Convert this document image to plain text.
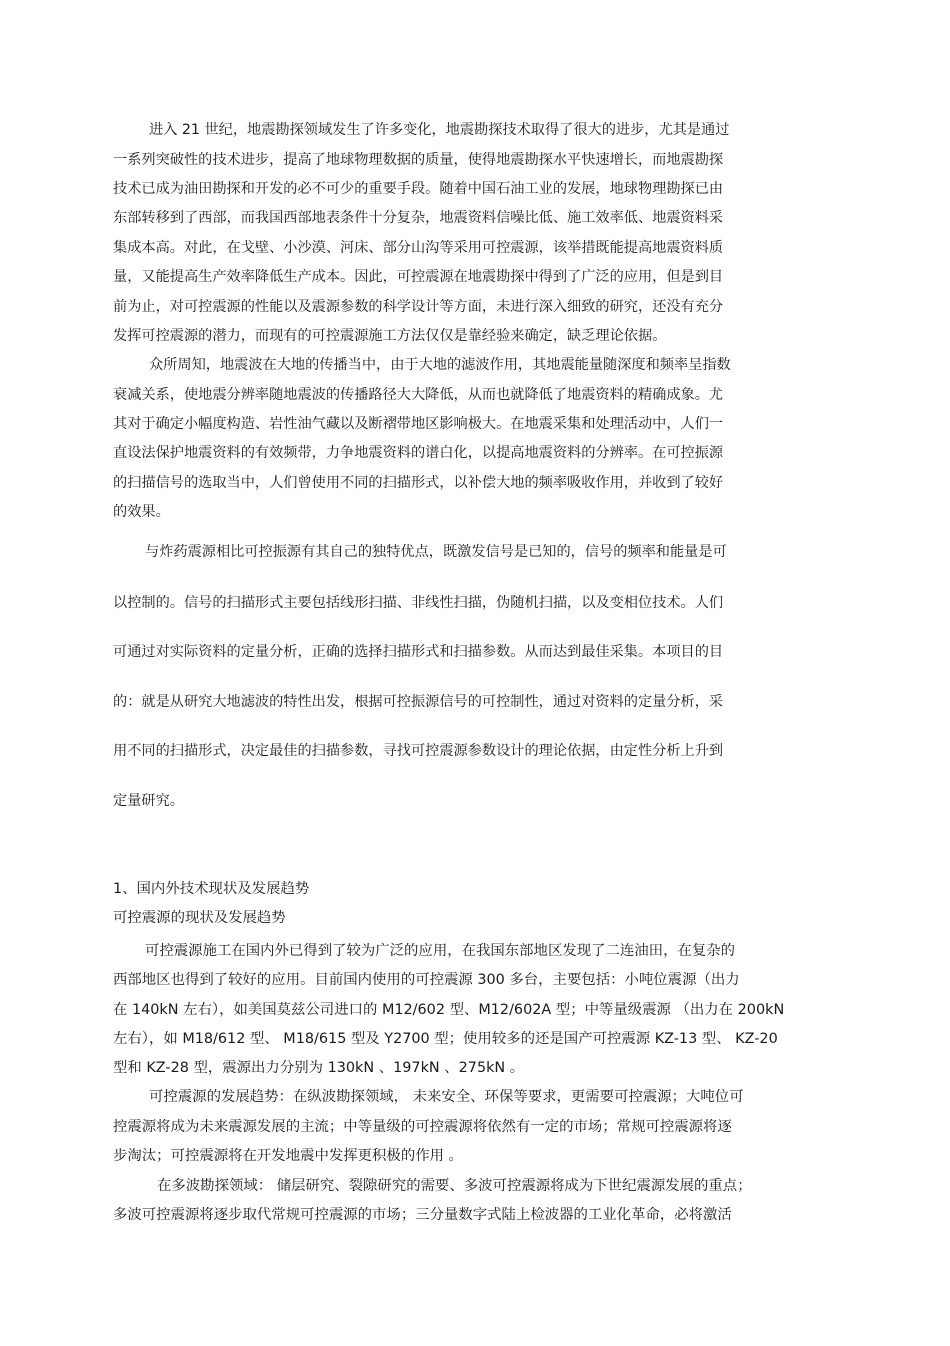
进入 21 世纪，地震勘探领域发生了许多变化，地震勘探技术取得了很大的进步，尤其是通过

一系列突破性的技术进步，提高了地球物理数据的质量，使得地震勘探水平快速增长，而地震勘探

技术已成为油田勘探和开发的必不可少的重要手段。随着中国石油工业的发展，地球物理勘探已由

东部转移到了西部，而我国西部地表条件十分复杂，地震资料信噪比低、施工效率低、地震资料采

集成本高。对此，在戈壁、小沙漠、河床、部分山沟等采用可控震源，该举措既能提高地震资料质

量，又能提高生产效率降低生产成本。因此，可控震源在地震勘探中得到了广泛的应用，但是到目

前为止，对可控震源的性能以及震源参数的科学设计等方面，未进行深入细致的研究，还没有充分

发挥可控震源的潜力，而现有的可控震源施工方法仅仅是靠经验来确定，缺乏理论依据。

众所周知，地震波在大地的传播当中，由于大地的滤波作用，其地震能量随深度和频率呈指数

衰减关系，使地震分辨率随地震波的传播路径大大降低，从而也就降低了地震资料的精确成象。尤

其对于确定小幅度构造、岩性油气藏以及断褶带地区影响极大。在地震采集和处理活动中，人们一

直设法保护地震资料的有效频带，力争地震资料的谱白化，以提高地震资料的分辨率。在可控振源

的扫描信号的选取当中，人们曾使用不同的扫描形式，以补偿大地的频率吸收作用，并收到了较好

的效果。

与炸药震源相比可控振源有其自己的独特优点，既激发信号是已知的，信号的频率和能量是可

以控制的。信号的扫描形式主要包括线形扫描、非线性扫描，伪随机扫描，以及变相位技术。人们

可通过对实际资料的定量分析，正确的选择扫描形式和扫描参数。从而达到最佳采集。本项目的目

的：就是从研究大地滤波的特性出发，根据可控振源信号的可控制性，通过对资料的定量分析，采

用不同的扫描形式，决定最佳的扫描参数，寻找可控震源参数设计的理论依据，由定性分析上升到

定量研究。

1、国内外技术现状及发展趋势

可控震源的现状及发展趋势

可控震源施工在国内外已得到了较为广泛的应用，在我国东部地区发现了二连油田，在复杂的

西部地区也得到了较好的应用。目前国内使用的可控震源 300 多台，主要包括：小吨位震源（出力

在 140kN 左右），如美国莫兹公司进口的 M12/602 型、M12/602A 型；中等量级震源 （出力在 200kN

左右），如 M18/612 型、 M18/615 型及 Y2700 型；使用较多的还是国产可控震源 KZ-13 型、 KZ-20

型和 KZ-28 型，震源出力分别为 130kN 、197kN 、275kN 。

可控震源的发展趋势：在纵波勘探领域， 未来安全、环保等要求，更需要可控震源；大吨位可

控震源将成为未来震源发展的主流；中等量级的可控震源将依然有一定的市场；常规可控震源将逐

步淘汰；可控震源将在开发地震中发挥更积极的作用 。

在多波勘探领域： 储层研究、裂隙研究的需要、多波可控震源将成为下世纪震源发展的重点；

多波可控震源将逐步取代常规可控震源的市场；三分量数字式陆上检波器的工业化革命，必将激活
